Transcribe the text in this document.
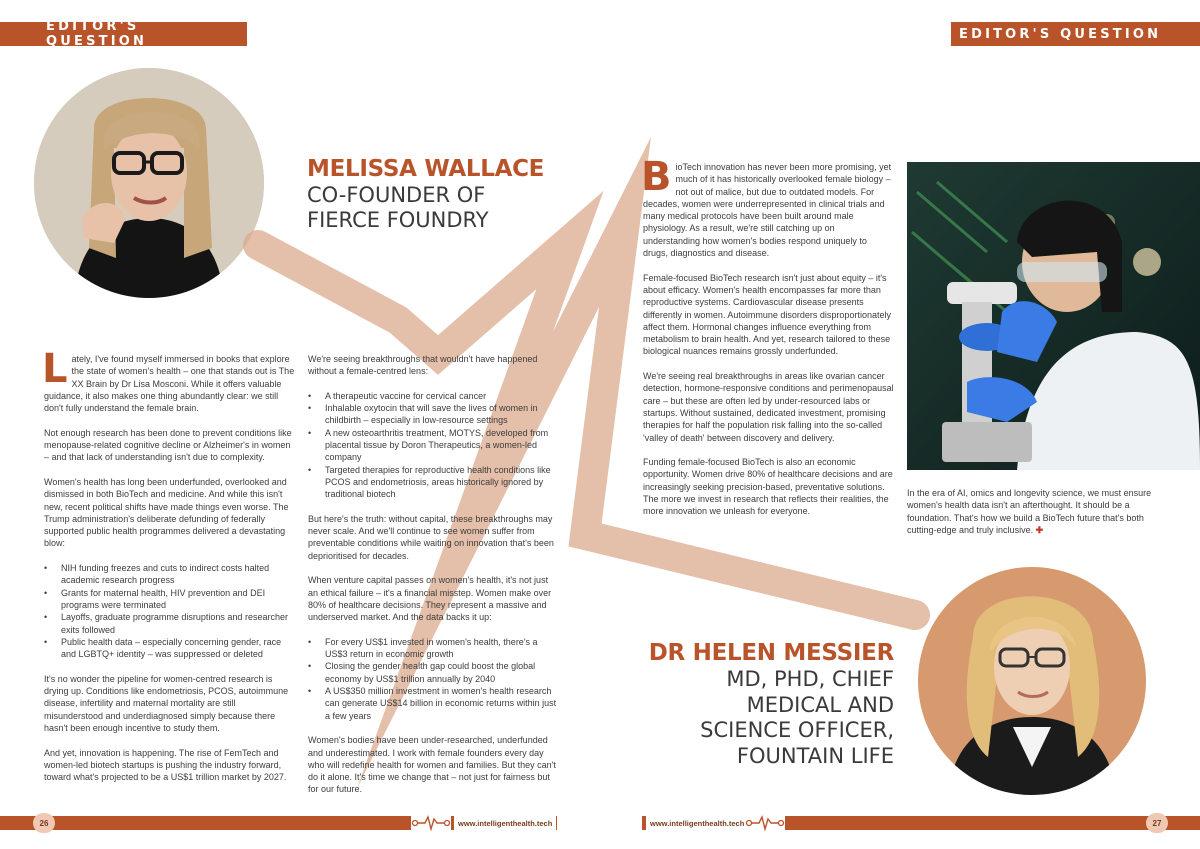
EDITOR'S QUESTION	EDITOR'S QUESTION
MELISSA WALLACE
CO-FOUNDER OF
FIERCE FOUNDRY

Lately, I've found myself immersed in books that explore the state of women's health – one that stands out is The XX Brain by Dr Lisa Mosconi. While it offers valuable guidance, it also makes one thing abundantly clear: we still don't fully understand the female brain.

Not enough research has been done to prevent conditions like menopause-related cognitive decline or Alzheimer's in women – and that lack of understanding isn't due to complexity.

Women's health has long been underfunded, overlooked and dismissed in both BioTech and medicine. And while this isn't new, recent political shifts have made things even worse. The Trump administration's deliberate defunding of federally supported public health programmes delivered a devastating blow:

• NIH funding freezes and cuts to indirect costs halted academic research progress
• Grants for maternal health, HIV prevention and DEI programs were terminated
• Layoffs, graduate programme disruptions and researcher exits followed
• Public health data – especially concerning gender, race and LGBTQ+ identity – was suppressed or deleted

It's no wonder the pipeline for women-centred research is drying up. Conditions like endometriosis, PCOS, autoimmune disease, infertility and maternal mortality are still misunderstood and underdiagnosed simply because there hasn't been enough incentive to study them.

And yet, innovation is happening. The rise of FemTech and women-led biotech startups is pushing the industry forward, toward what's projected to be a US$1 trillion market by 2027.

We're seeing breakthroughs that wouldn't have happened without a female-centred lens:

• A therapeutic vaccine for cervical cancer
• Inhalable oxytocin that will save the lives of women in childbirth – especially in low-resource settings
• A new osteoarthritis treatment, MOTYS, developed from placental tissue by Doron Therapeutics, a women-led company
• Targeted therapies for reproductive health conditions like PCOS and endometriosis, areas historically ignored by traditional biotech

But here's the truth: without capital, these breakthroughs may never scale. And we'll continue to see women suffer from preventable conditions while waiting on innovation that's been deprioritised for decades.

When venture capital passes on women's health, it's not just an ethical failure – it's a financial misstep. Women make over 80% of healthcare decisions. They represent a massive and underserved market. And the data backs it up:

• For every US$1 invested in women's health, there's a US$3 return in economic growth
• Closing the gender health gap could boost the global economy by US$1 trillion annually by 2040
• A US$350 million investment in women's health research can generate US$14 billion in economic returns within just a few years

Women's bodies have been under-researched, underfunded and underestimated. I work with female founders every day who will redefine health for women and families. But they can't do it alone. It's time we change that – not just for fairness but for our future.

BioTech innovation has never been more promising, yet much of it has historically overlooked female biology – not out of malice, but due to outdated models. For decades, women were underrepresented in clinical trials and many medical protocols have been built around male physiology. As a result, we're still catching up on understanding how women's bodies respond uniquely to drugs, diagnostics and disease.

Female-focused BioTech research isn't just about equity – it's about efficacy. Women's health encompasses far more than reproductive systems. Cardiovascular disease presents differently in women. Autoimmune disorders disproportionately affect them. Hormonal changes influence everything from metabolism to brain health. And yet, research tailored to these biological nuances remains grossly underfunded.

We're seeing real breakthroughs in areas like ovarian cancer detection, hormone-responsive conditions and perimenopausal care – but these are often led by under-resourced labs or startups. Without sustained, dedicated investment, promising therapies for half the population risk falling into the so-called 'valley of death' between discovery and delivery.

Funding female-focused BioTech is also an economic opportunity. Women drive 80% of healthcare decisions and are increasingly seeking precision-based, preventative solutions. The more we invest in research that reflects their realities, the more innovation we unleash for everyone.

In the era of AI, omics and longevity science, we must ensure women's health data isn't an afterthought. It should be a foundation. That's how we build a BioTech future that's both cutting-edge and truly inclusive. ✚

DR HELEN MESSIER
MD, PHD, CHIEF
MEDICAL AND
SCIENCE OFFICER,
FOUNTAIN LIFE
26	27
www.intelligenthealth.tech	www.intelligenthealth.tech
